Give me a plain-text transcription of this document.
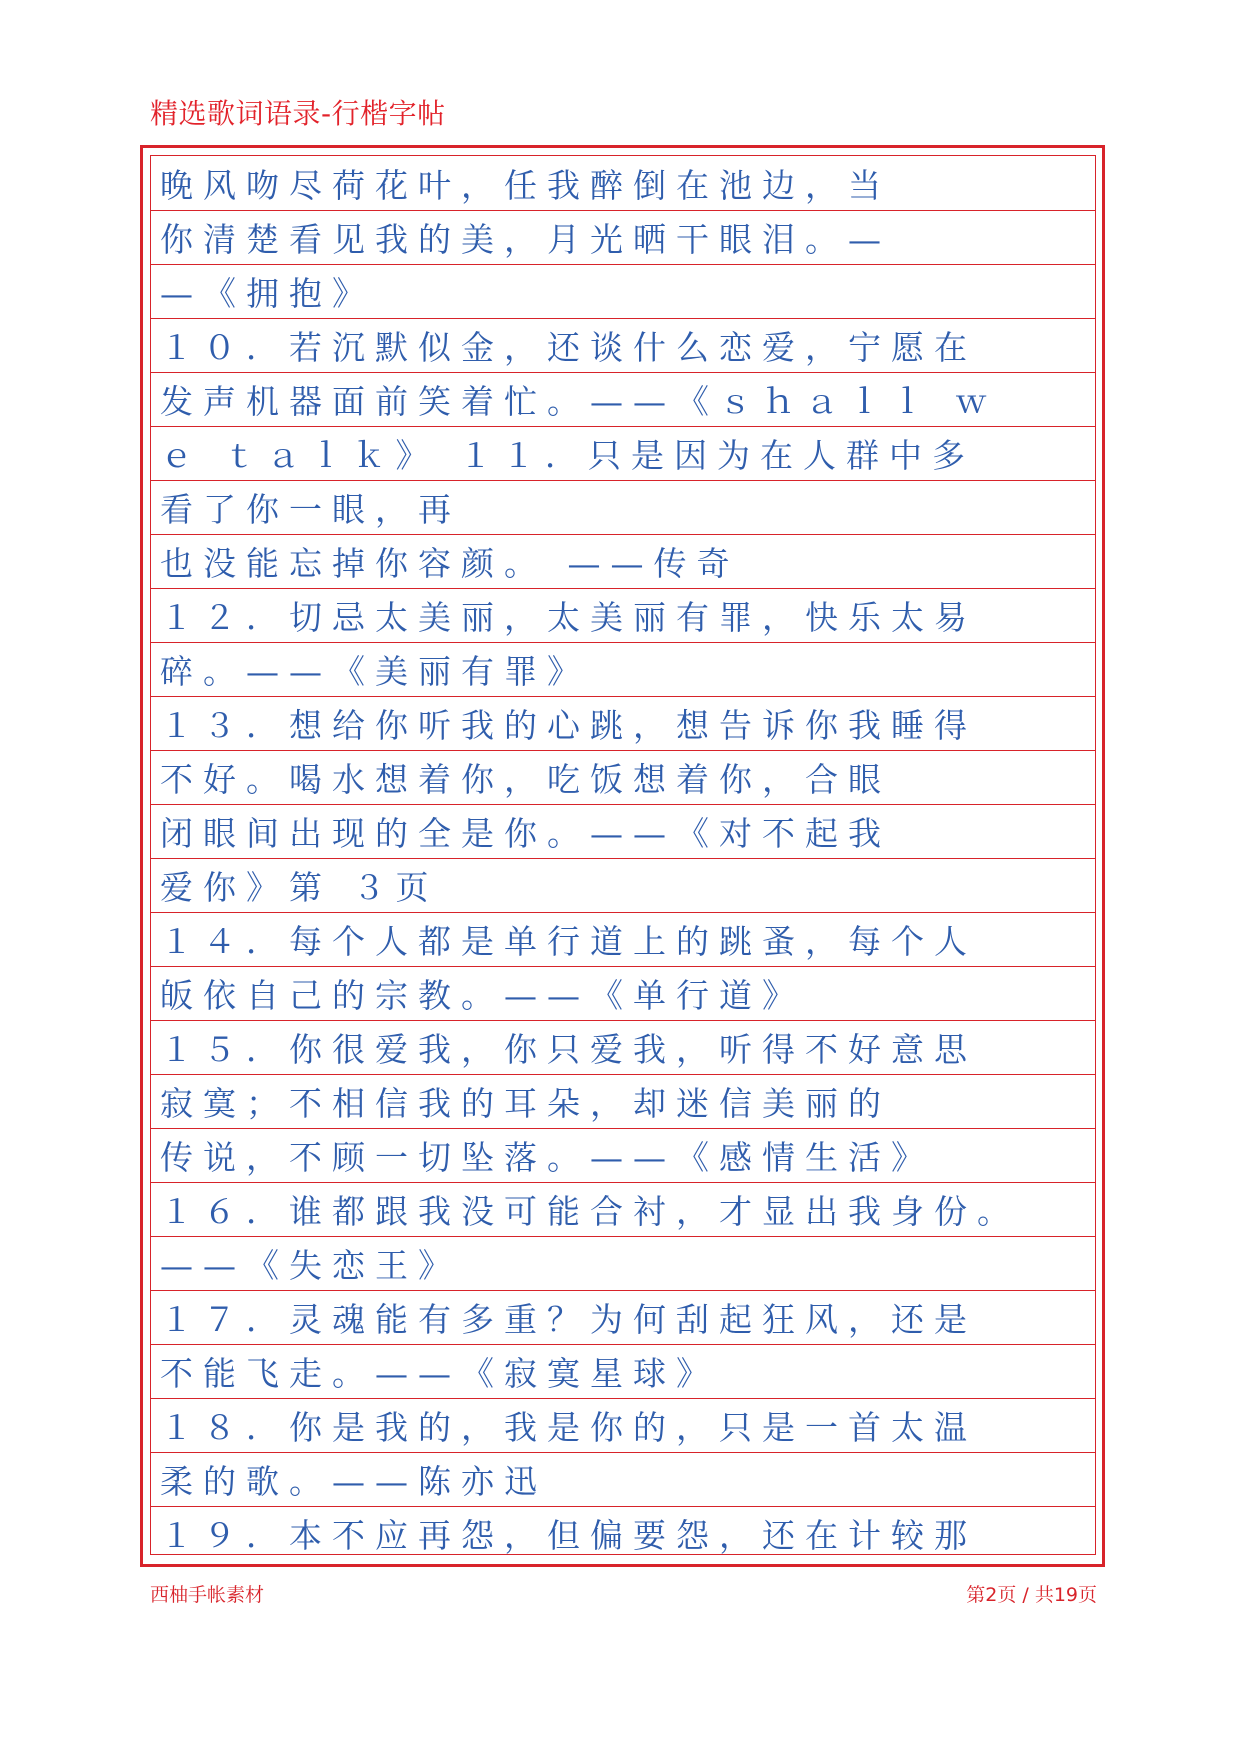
精选歌词语录-行楷字帖
晚风吻尽荷花叶，任我醉倒在池边，当
你清楚看见我的美，月光晒干眼泪。—
—《拥抱》
１０．若沉默似金，还谈什么恋爱，宁愿在
发声机器面前笑着忙。——《ｓｈａｌｌ ｗ
ｅ ｔａｌｋ》 １１．只是因为在人群中多
看了你一眼，再
也没能忘掉你容颜。 ——传奇
１２．切忌太美丽，太美丽有罪，快乐太易
碎。——《美丽有罪》
１３．想给你听我的心跳，想告诉你我睡得
不好。喝水想着你，吃饭想着你，合眼
闭眼间出现的全是你。——《对不起我
爱你》第 ３页
１４．每个人都是单行道上的跳蚤，每个人
皈依自己的宗教。——《单行道》
１５．你很爱我，你只爱我，听得不好意思
寂寞；不相信我的耳朵，却迷信美丽的
传说，不顾一切坠落。——《感情生活》
１６．谁都跟我没可能合衬，才显出我身份。
——《失恋王》
１７．灵魂能有多重？为何刮起狂风，还是
不能飞走。——《寂寞星球》
１８．你是我的，我是你的，只是一首太温
柔的歌。——陈亦迅
１９．本不应再怨，但偏要怨，还在计较那
西柚手帐素材	第2页 / 共19页
